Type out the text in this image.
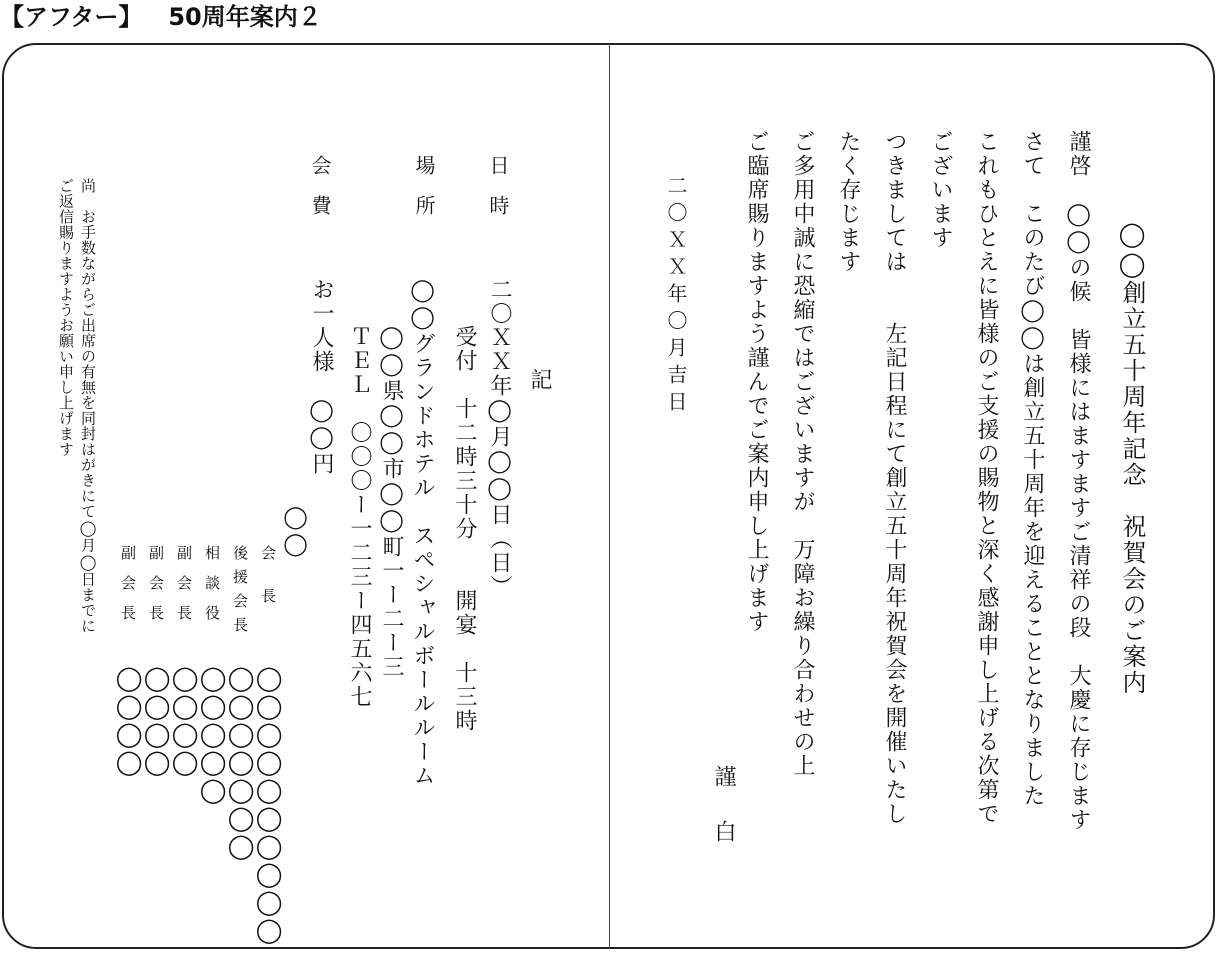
【アフター】 50周年案内２
◯◯創立五十周年記念　祝賀会のご案内
謹啓　◯◯の候　皆様にはますますご清祥の段　大慶に存じます
さて　このたび◯◯は創立五十周年を迎えることとなりました
これもひとえに皆様のご支援の賜物と深く感謝申し上げる次第で
ございます
つきましては　　左記日程にて創立五十周年祝賀会を開催いたし
たく存じます
ご多用中誠に恐縮ではございますが　万障お繰り合わせの上
ご臨席賜りますよう謹んでご案内申し上げます
謹
白
二〇ＸＸ年〇月吉日
記
日時
二〇ＸＸ年◯月◯◯日（日）
受付　十二時三十分　　開宴　十三時
場所
◯◯グランドホテル　スペシャルボールルーム
◯◯県◯◯市◯◯町一ー二ー三
ＴＥＬ　〇〇〇ー一二三ー四五六七
会費
お一人様　◯◯円
◯◯
会長
◯◯◯◯◯◯◯◯◯◯
後援会長
◯◯◯◯◯◯◯
相談役
◯◯◯◯◯
副会長
◯◯◯◯
副会長
◯◯◯◯
副会長
◯◯◯◯
尚　お手数ながらご出席の有無を同封はがきにて◯月◯日までに
ご返信賜りますようお願い申し上げます
